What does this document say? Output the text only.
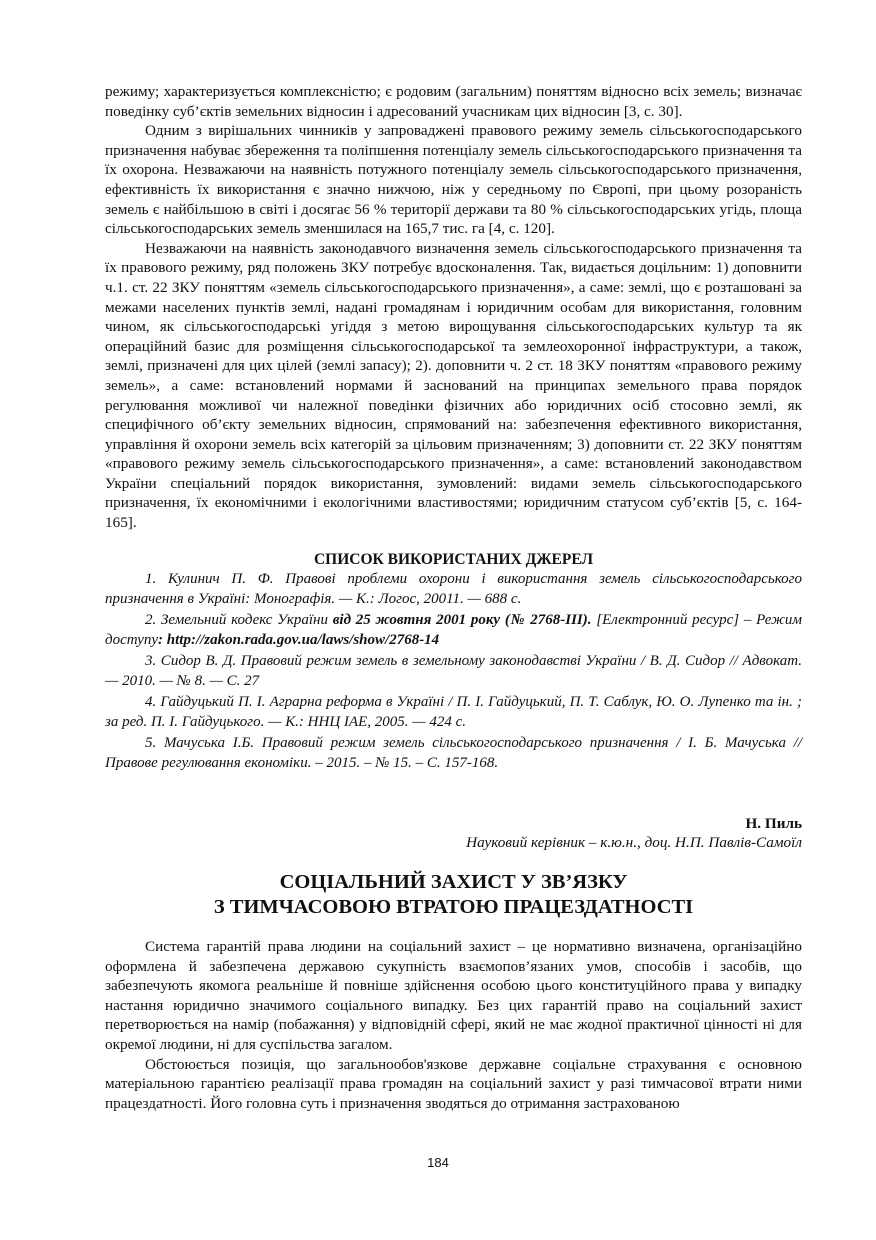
режиму; характеризується комплексністю; є родовим (загальним) поняттям відносно всіх земель; визначає поведінку суб’єктів земельних відносин і адресований учасникам цих відносин [3, с. 30].

Одним з вирішальних чинників у запроваджені правового режиму земель сільськогосподарського призначення набуває збереження та поліпшення потенціалу земель сільськогосподарського призначення та їх охорона. Незважаючи на наявність потужного потенціалу земель сільськогосподарського призначення, ефективність їх використання є значно нижчою, ніж у середньому по Європі, при цьому розораність земель є найбільшою в світі і досягає 56 % території держави та 80 % сільськогосподарських угідь, площа сільськогосподарських земель зменшилася на 165,7 тис. га [4, с. 120].

Незважаючи на наявність законодавчого визначення земель сільськогосподарського призначення та їх правового режиму, ряд положень ЗКУ потребує вдосконалення. Так, видається доцільним: 1) доповнити ч.1. ст. 22 ЗКУ поняттям «земель сільськогосподарського призначення», а саме: землі, що є розташовані за межами населених пунктів землі, надані громадянам і юридичним особам для використання, головним чином, як сільськогосподарські угіддя з метою вирощування сільськогосподарських культур та як операційний базис для розміщення сільськогосподарської та землеохоронної інфраструктури, а також, землі, призначені для цих цілей (землі запасу); 2). доповнити ч. 2 ст. 18 ЗКУ поняттям «правового режиму земель», а саме: встановлений нормами й заснований на принципах земельного права порядок регулювання можливої чи належної поведінки фізичних або юридичних осіб стосовно землі, як специфічного об’єкту земельних відносин, спрямований на: забезпечення ефективного використання, управління й охорони земель всіх категорій за цільовим призначенням; 3) доповнити ст. 22 ЗКУ поняттям «правового режиму земель сільськогосподарського призначення», а саме: встановлений законодавством України спеціальний порядок використання, зумовлений: видами земель сільськогосподарського призначення, їх економічними і екологічними властивостями; юридичним статусом суб’єктів [5, с. 164-165].

СПИСОК ВИКОРИСТАНИХ ДЖЕРЕЛ

1. Кулинич П. Ф. Правові проблеми охорони і використання земель сільськогосподарського призначення в Україні: Монографія. — К.: Логос, 20011. — 688 с.

2. Земельний кодекс України від 25 жовтня 2001 року (№ 2768-III). [Електронний ресурс] – Режим доступу: http://zakon.rada.gov.ua/laws/show/2768-14

3. Сидор В. Д. Правовий режим земель в земельному законодавстві України / В. Д. Сидор // Адвокат. — 2010. — № 8. — С. 27

4. Гайдуцький П. І. Аграрна реформа в Україні / П. І. Гайдуцький, П. Т. Саблук, Ю. О. Лупенко та ін. ; за ред. П. І. Гайдуцького. — К.: ННЦ ІАЕ, 2005. — 424 с.

5. Мачуська І.Б. Правовий режим земель сільськогосподарського призначення / І. Б. Мачуська // Правове регулювання економіки. – 2015. – № 15. – С. 157-168.

Н. Пиль
Науковий керівник – к.ю.н., доц. Н.П. Павлів-Самоїл
СОЦІАЛЬНИЙ ЗАХИСТ У ЗВ’ЯЗКУ
З ТИМЧАСОВОЮ ВТРАТОЮ ПРАЦЕЗДАТНОСТІ

Система гарантій права людини на соціальний захист – це нормативно визначена, організаційно оформлена й забезпечена державою сукупність взаємопов’язаних умов, способів і засобів, що забезпечують якомога реальніше й повніше здійснення особою цього конституційного права у випадку настання юридично значимого соціального випадку. Без цих гарантій право на соціальний захист перетворюється на намір (побажання) у відповідній сфері, який не має жодної практичної цінності ні для окремої людини, ні для суспільства загалом.

Обстоюється позиція, що загальнообов'язкове державне соціальне страхування є основною матеріальною гарантією реалізації права громадян на соціальний захист у разі тимчасової втрати ними працездатності. Його головна суть і призначення зводяться до отримання застрахованою

184
